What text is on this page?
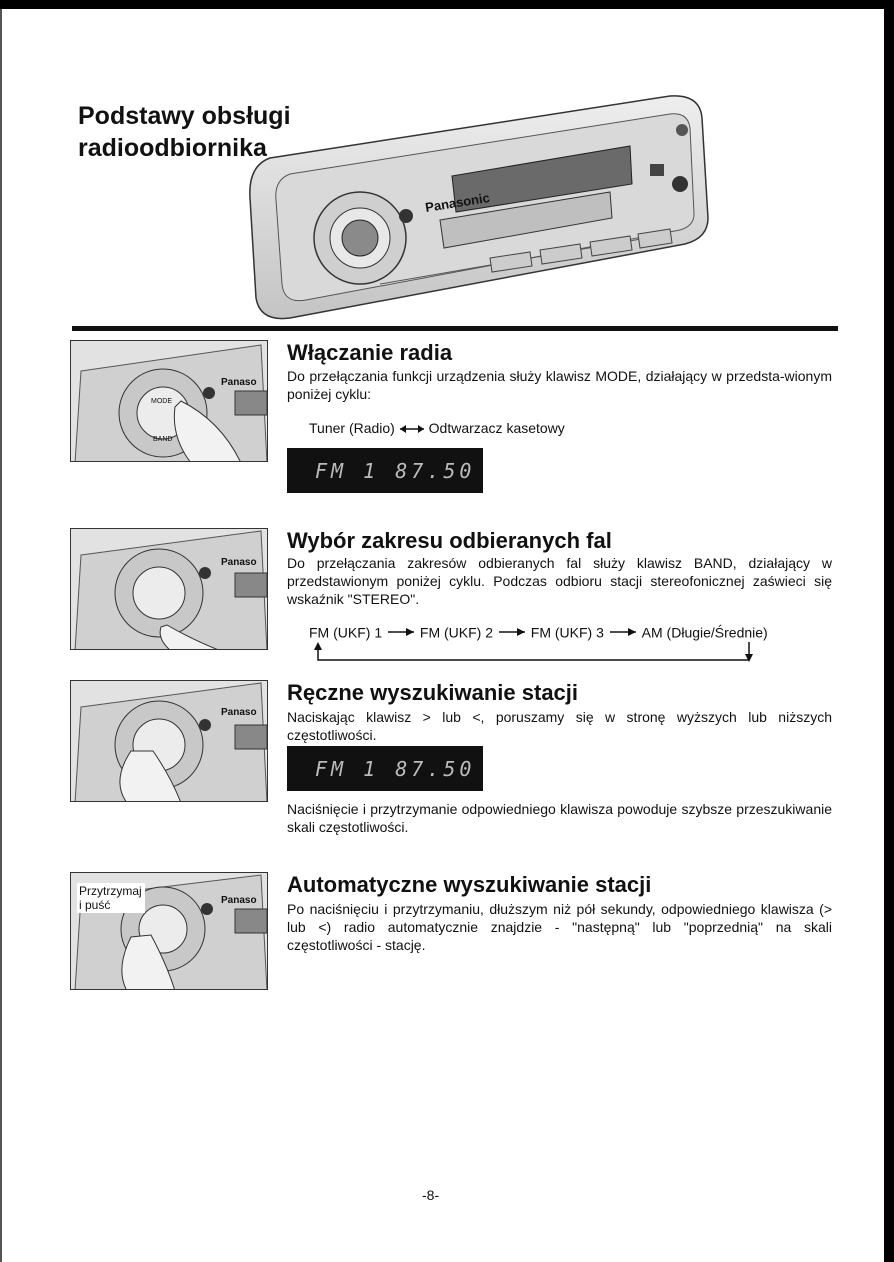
Podstawy obsługi
radioodbiornika
Panasonic
Panaso
MODE
BAND
Włączanie radia

Do przełączania funkcji urządzenia służy klawisz MODE, działający w przedsta-wionym poniżej cyklu:

Tuner (Radio) Odtwarzacz kasetowy
FM 1 87.50
Panaso
Wybór zakresu odbieranych fal

Do przełączania zakresów odbieranych fal służy klawisz BAND, działający w przedstawionym poniżej cyklu. Podczas odbioru stacji stereofonicznej zaświeci się wskaźnik "STEREO".

FM (UKF) 1	FM (UKF) 2	FM (UKF) 3	AM (Długie/Średnie)
Panaso
Ręczne wyszukiwanie stacji

Naciskając klawisz > lub <, poruszamy się w stronę wyższych lub niższych częstotliwości.

FM 1 87.50

Naciśnięcie i przytrzymanie odpowiedniego klawisza powoduje szybsze przeszukiwanie skali częstotliwości.

Panaso
Przytrzymaj i puść
Automatyczne wyszukiwanie stacji

Po naciśnięciu i przytrzymaniu, dłuższym niż pół sekundy, odpowiedniego klawisza (> lub <) radio automatycznie znajdzie - "następną" lub "poprzednią" na skali częstotliwości - stację.

-8-
